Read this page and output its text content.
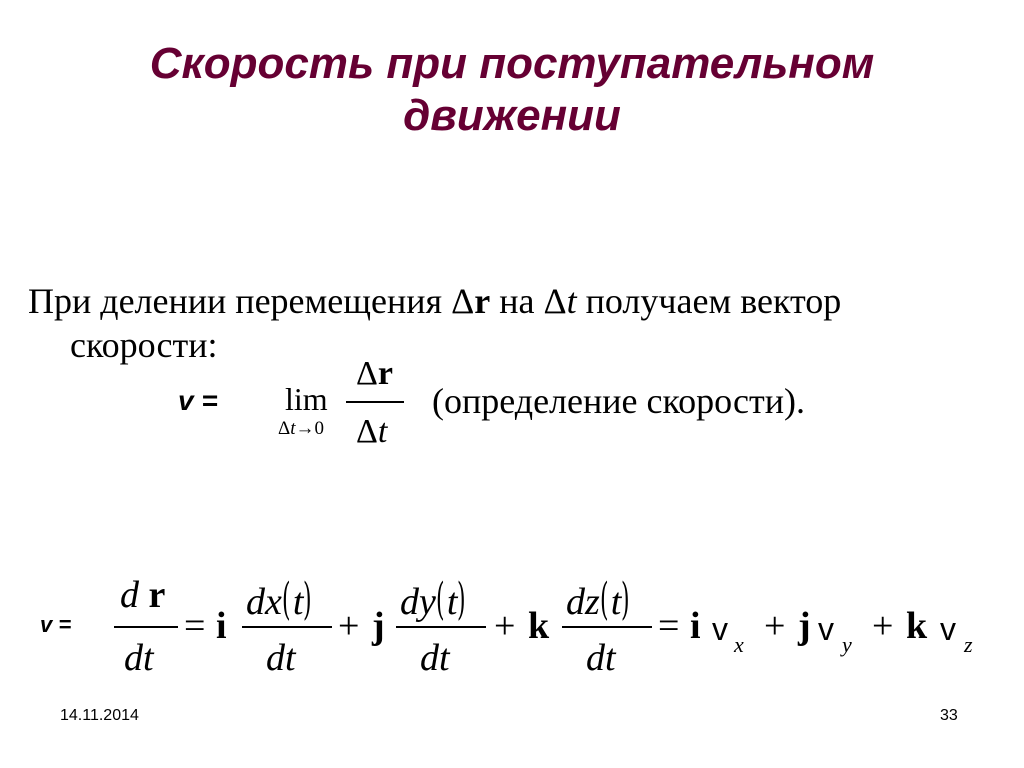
Скорость при поступательном
движении
При делении перемещения Δr на Δt получаем вектор
скорости:
v = lim
Δt→0
Δr
Δt
(определение скорости).
v =
d r
dt
= i
dx(t)
dt
+ j
dy(t)
dt
+ k
dz(t)
dt
= i v x + j v y + k v z
14.11.2014	33
